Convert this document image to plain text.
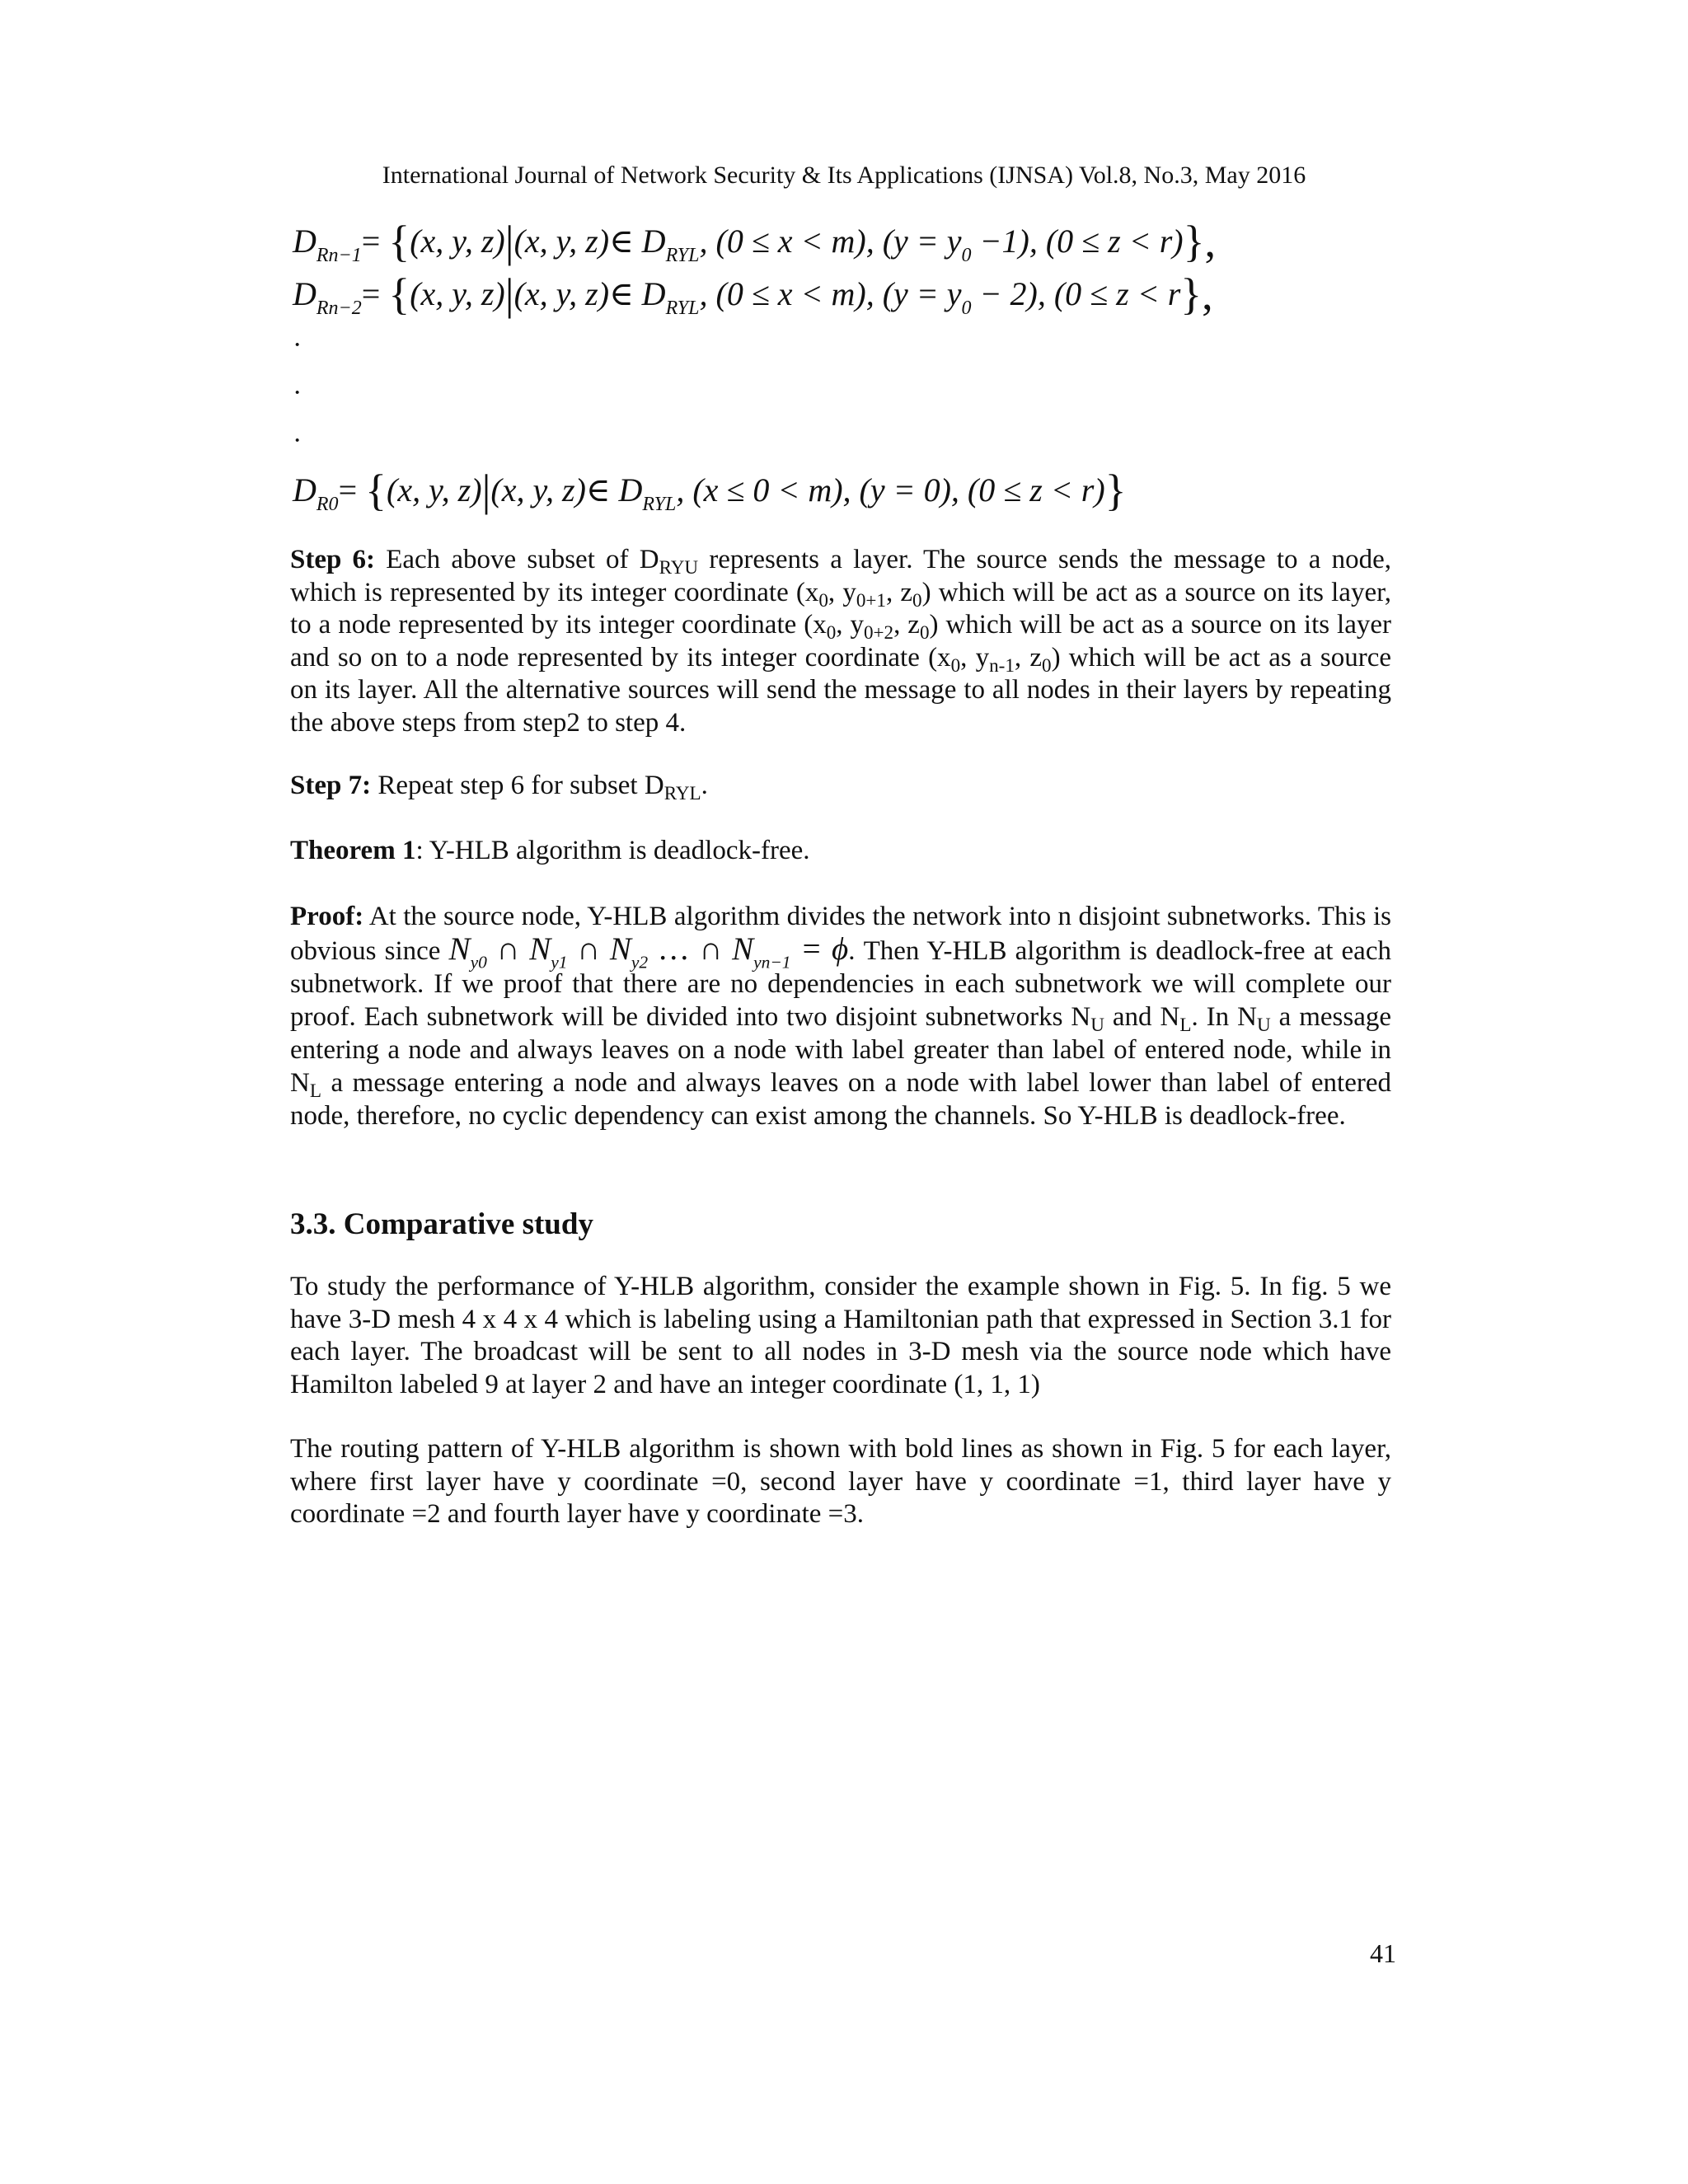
International Journal of Network Security & Its Applications (IJNSA) Vol.8, No.3, May 2016
$D_{Rn-1}= \{(x$, y, z)|(x, y, z)∈ $D_{RYL}$, (0 ≤ x < m), $(y = y_0 -1)$, (0 ≤ z < r)},
$D_{Rn-2}= \{(x$, y, z)|(x, y, z)∈ $D_{RYL}$, (0 ≤ x < m), $(y = y_0 - 2)$, (0 ≤ z < r},
·
·
·
$D_{R0}= \{(x$, y, z)|(x, y, z)∈ $D_{RYL}$, (x ≤ 0 < m), (y = 0), (0 ≤ z < r)}

Step 6: Each above subset of $D_{RYU}$ represents a layer. The source sends the message to a node, which is represented by its integer coordinate ($x_0$, $y_{0+1}$, $z_0$) which will be act as a source on its layer, to a node represented by its integer coordinate ($x_0$, $y_{0+2}$, $z_0$) which will be act as a source on its layer and so on to a node represented by its integer coordinate ($x_0$, $y_{n-1}$, $z_0$) which will be act as a source on its layer. All the alternative sources will send the message to all nodes in their layers by repeating the above steps from step2 to step 4.

Step 7: Repeat step 6 for subset $D_{RYL}$.

Theorem 1: Y-HLB algorithm is deadlock-free.

Proof: At the source node, Y-HLB algorithm divides the network into n disjoint subnetworks. This is obvious since $N_{y0}$ ∩ $N_{y1}$ ∩ $N_{y2}$ … ∩ $N_{yn-1} = \phi$. Then Y-HLB algorithm is deadlock-free at each subnetwork. If we proof that there are no dependencies in each subnetwork we will complete our proof. Each subnetwork will be divided into two disjoint subnetworks $N_U$ and $N_L$. In $N_U$ a message entering a node and always leaves on a node with label greater than label of entered node, while in $N_L$ a message entering a node and always leaves on a node with label lower than label of entered node, therefore, no cyclic dependency can exist among the channels. So Y-HLB is deadlock-free.

3.3. Comparative study

To study the performance of Y-HLB algorithm, consider the example shown in Fig. 5. In fig. 5 we have 3-D mesh 4 x 4 x 4 which is labeling using a Hamiltonian path that expressed in Section 3.1 for each layer. The broadcast will be sent to all nodes in 3-D mesh via the source node which have Hamilton labeled 9 at layer 2 and have an integer coordinate (1, 1, 1)

The routing pattern of Y-HLB algorithm is shown with bold lines as shown in Fig. 5 for each layer, where first layer have y coordinate =0, second layer have y coordinate =1, third layer have y coordinate =2 and fourth layer have y coordinate =3.

41
